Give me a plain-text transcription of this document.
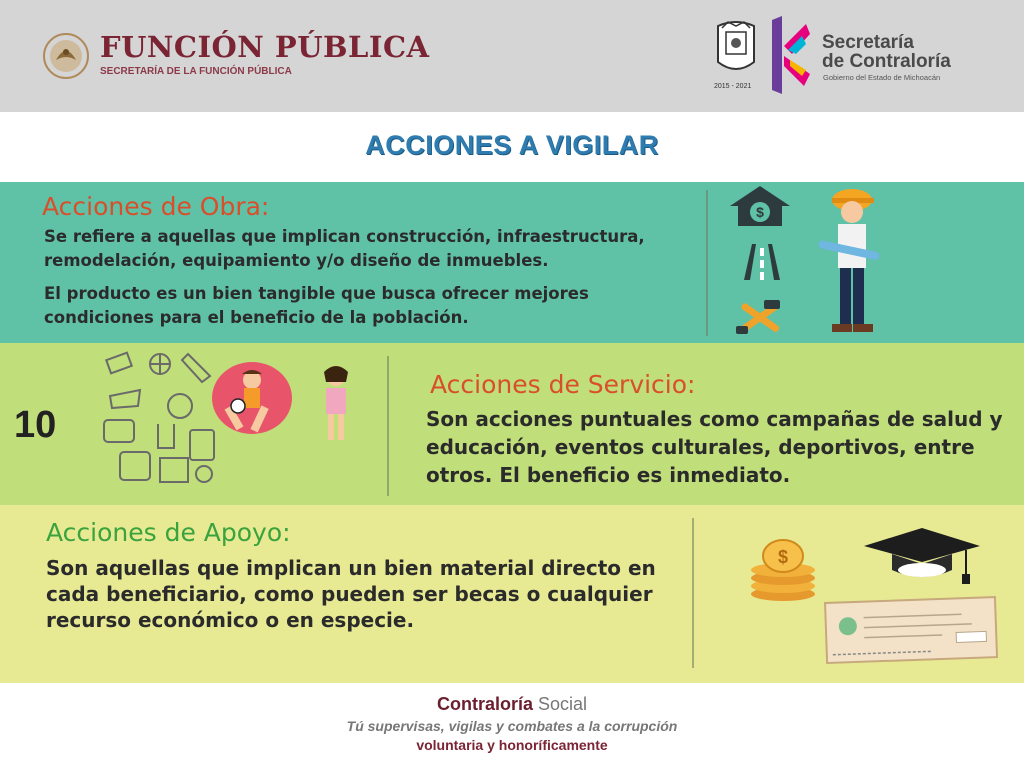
FUNCIÓN PÚBLICA
SECRETARÍA DE LA FUNCIÓN PÚBLICA
2015 - 2021
Secretaría
de Contraloría
Gobierno del Estado de Michoacán
ACCIONES A VIGILAR
Acciones de Obra:
Se refiere a aquellas que implican construcción, infraestructura, remodelación, equipamiento y/o diseño de inmuebles.
El producto es un bien tangible que busca ofrecer mejores condiciones para el beneficio de la población.
$
10
Acciones de Servicio:
Son acciones puntuales como campañas de salud y educación, eventos culturales, deportivos, entre otros. El beneficio es inmediato.
Acciones de Apoyo:
Son aquellas que implican un bien material directo en cada beneficiario, como pueden ser becas o cualquier recurso económico o en especie.
$
Contraloría Social
Tú supervisas, vigilas y combates a la corrupción
voluntaria y honoríficamente
